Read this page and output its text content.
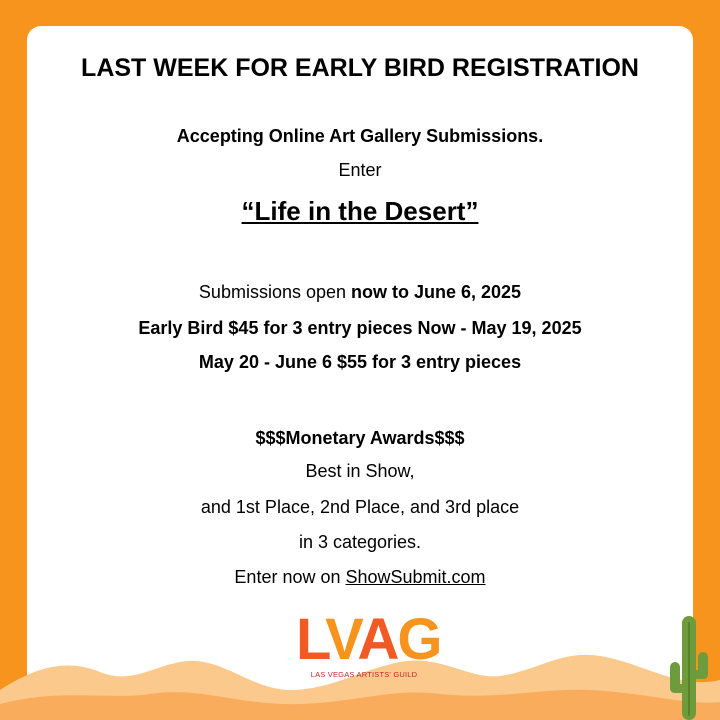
LAST WEEK FOR EARLY BIRD REGISTRATION
Accepting Online Art Gallery Submissions.
Enter
“Life in the Desert”
Submissions open now to June 6, 2025
Early Bird $45 for 3 entry pieces Now - May 19, 2025
May 20 - June 6 $55 for 3 entry pieces
$$$Monetary Awards$$$
Best in Show,
and 1st Place, 2nd Place, and 3rd place
in 3 categories.
Enter now on ShowSubmit.com
LVAG
LAS VEGAS ARTISTS' GUILD
